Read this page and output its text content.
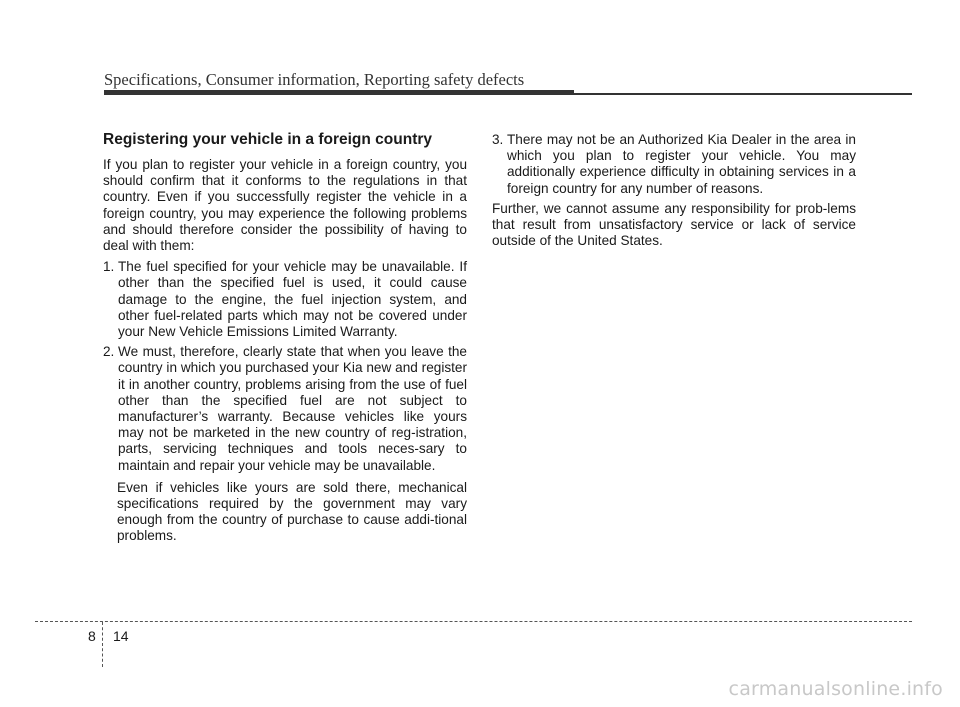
Specifications, Consumer information, Reporting safety defects
Registering your vehicle in a foreign country

If you plan to register your vehicle in a foreign country, you should confirm that it conforms to the regulations in that country. Even if you successfully register the vehicle in a foreign country, you may experience the following problems and should therefore consider the possibility of having to deal with them:

1. The fuel specified for your vehicle may be unavailable. If other than the specified fuel is used, it could cause damage to the engine, the fuel injection system, and other fuel-related parts which may not be covered under your New Vehicle Emissions Limited Warranty.
2. We must, therefore, clearly state that when you leave the country in which you purchased your Kia new and register it in another country, problems arising from the use of fuel other than the specified fuel are not subject to manufacturer’s warranty. Because vehicles like yours may not be marketed in the new country of reg-istration, parts, servicing techniques and tools neces-sary to maintain and repair your vehicle may be unavailable.

Even if vehicles like yours are sold there, mechanical specifications required by the government may vary enough from the country of purchase to cause addi-tional problems.

3. There may not be an Authorized Kia Dealer in the area in which you plan to register your vehicle. You may additionally experience difficulty in obtaining services in a foreign country for any number of reasons.

Further, we cannot assume any responsibility for prob-lems that result from unsatisfactory service or lack of service outside of the United States.

8 14
carmanualsonline.info
